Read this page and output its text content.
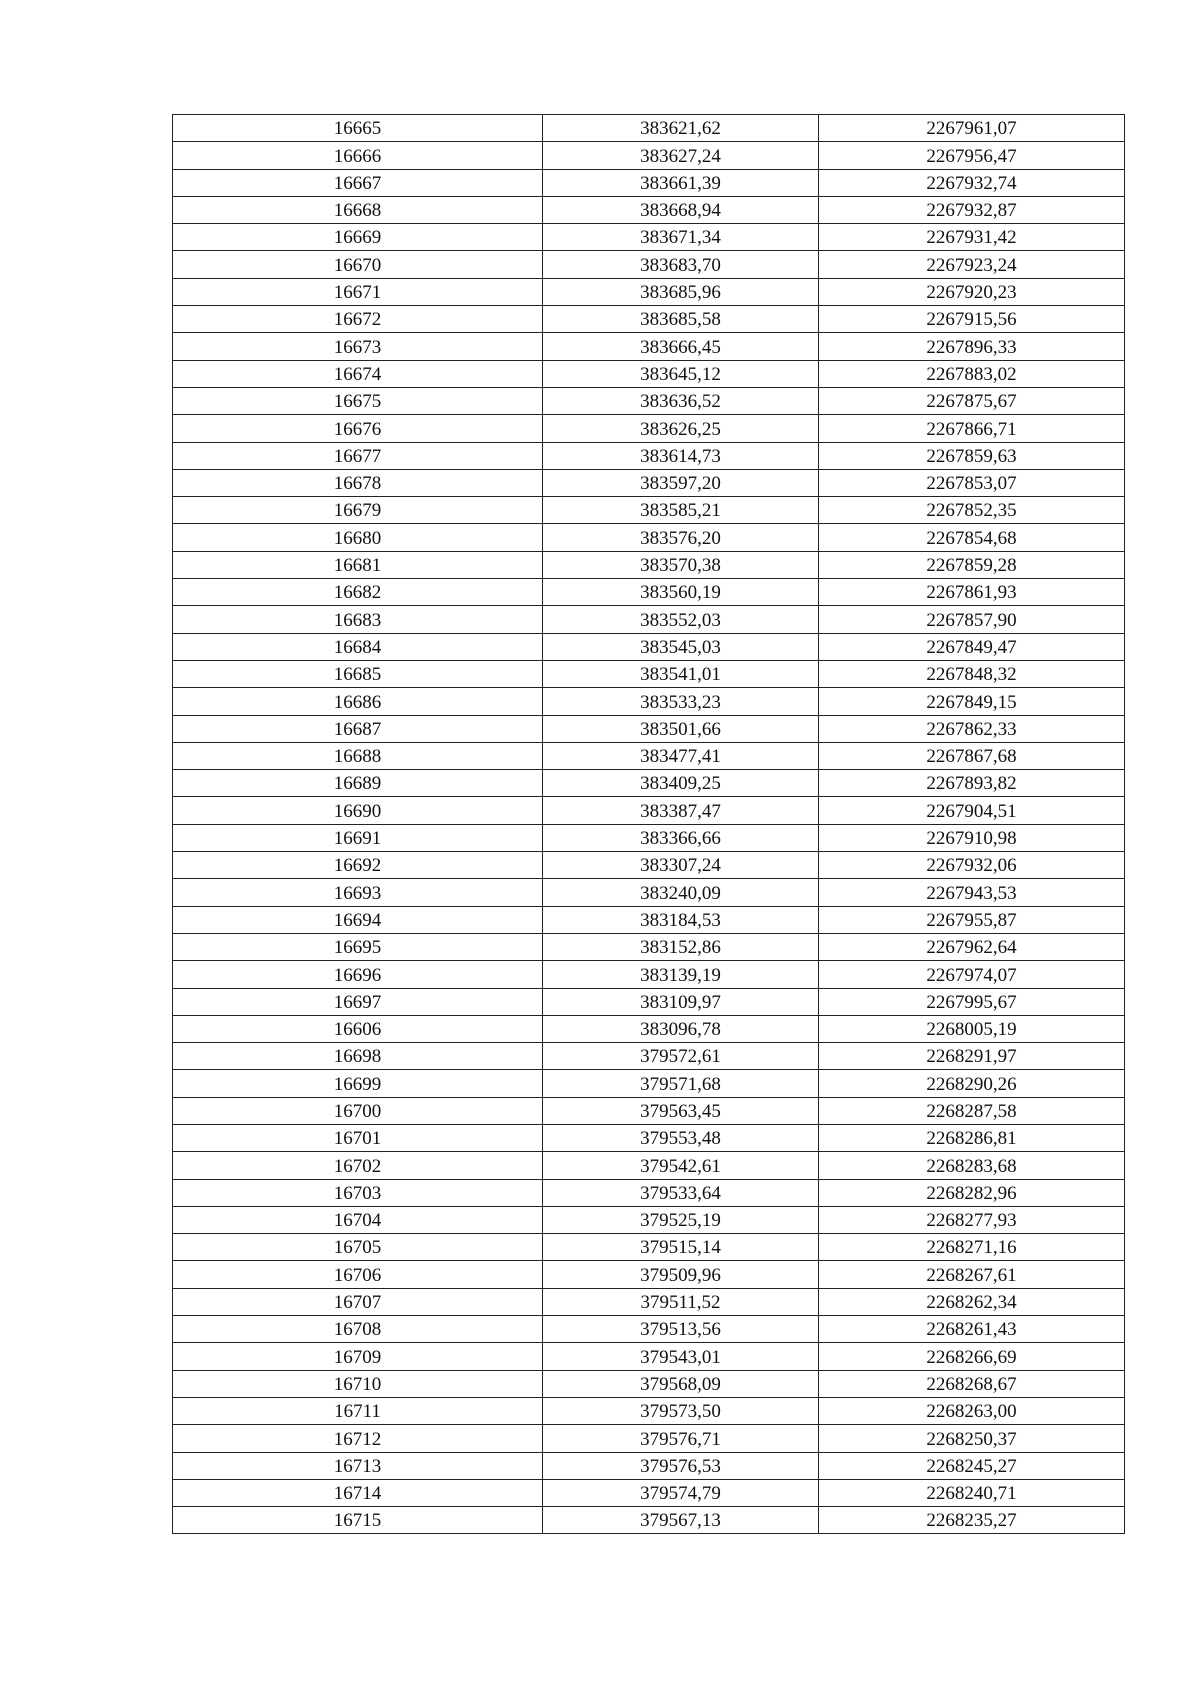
16665	383621,62	2267961,07
16666	383627,24	2267956,47
16667	383661,39	2267932,74
16668	383668,94	2267932,87
16669	383671,34	2267931,42
16670	383683,70	2267923,24
16671	383685,96	2267920,23
16672	383685,58	2267915,56
16673	383666,45	2267896,33
16674	383645,12	2267883,02
16675	383636,52	2267875,67
16676	383626,25	2267866,71
16677	383614,73	2267859,63
16678	383597,20	2267853,07
16679	383585,21	2267852,35
16680	383576,20	2267854,68
16681	383570,38	2267859,28
16682	383560,19	2267861,93
16683	383552,03	2267857,90
16684	383545,03	2267849,47
16685	383541,01	2267848,32
16686	383533,23	2267849,15
16687	383501,66	2267862,33
16688	383477,41	2267867,68
16689	383409,25	2267893,82
16690	383387,47	2267904,51
16691	383366,66	2267910,98
16692	383307,24	2267932,06
16693	383240,09	2267943,53
16694	383184,53	2267955,87
16695	383152,86	2267962,64
16696	383139,19	2267974,07
16697	383109,97	2267995,67
16606	383096,78	2268005,19
16698	379572,61	2268291,97
16699	379571,68	2268290,26
16700	379563,45	2268287,58
16701	379553,48	2268286,81
16702	379542,61	2268283,68
16703	379533,64	2268282,96
16704	379525,19	2268277,93
16705	379515,14	2268271,16
16706	379509,96	2268267,61
16707	379511,52	2268262,34
16708	379513,56	2268261,43
16709	379543,01	2268266,69
16710	379568,09	2268268,67
16711	379573,50	2268263,00
16712	379576,71	2268250,37
16713	379576,53	2268245,27
16714	379574,79	2268240,71
16715	379567,13	2268235,27
